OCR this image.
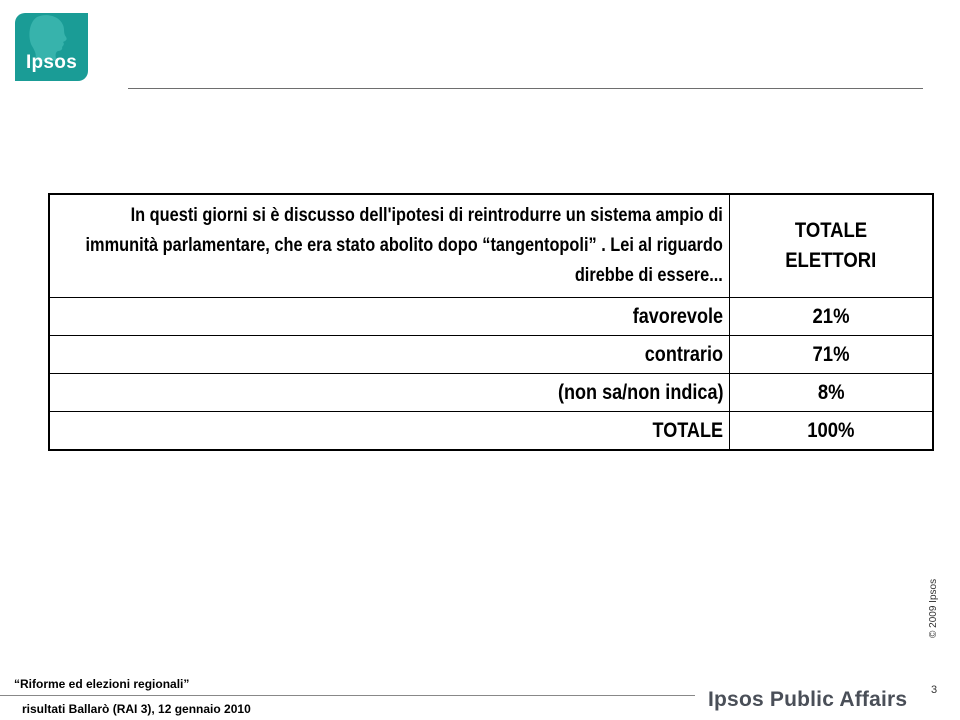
Ipsos
In questi giorni si è discusso dell'ipotesi di reintrodurre un sistema ampio di immunità parlamentare, che era stato abolito dopo “tangentopoli” . Lei al riguardo direbbe di essere...	TOTALE
ELETTORI
favorevole	21%
contrario	71%
(non sa/non indica)	8%
TOTALE	100%
© 2009 Ipsos
3
“Riforme ed elezioni regionali”
risultati Ballarò (RAI 3), 12 gennaio 2010	Ipsos Public Affairs
